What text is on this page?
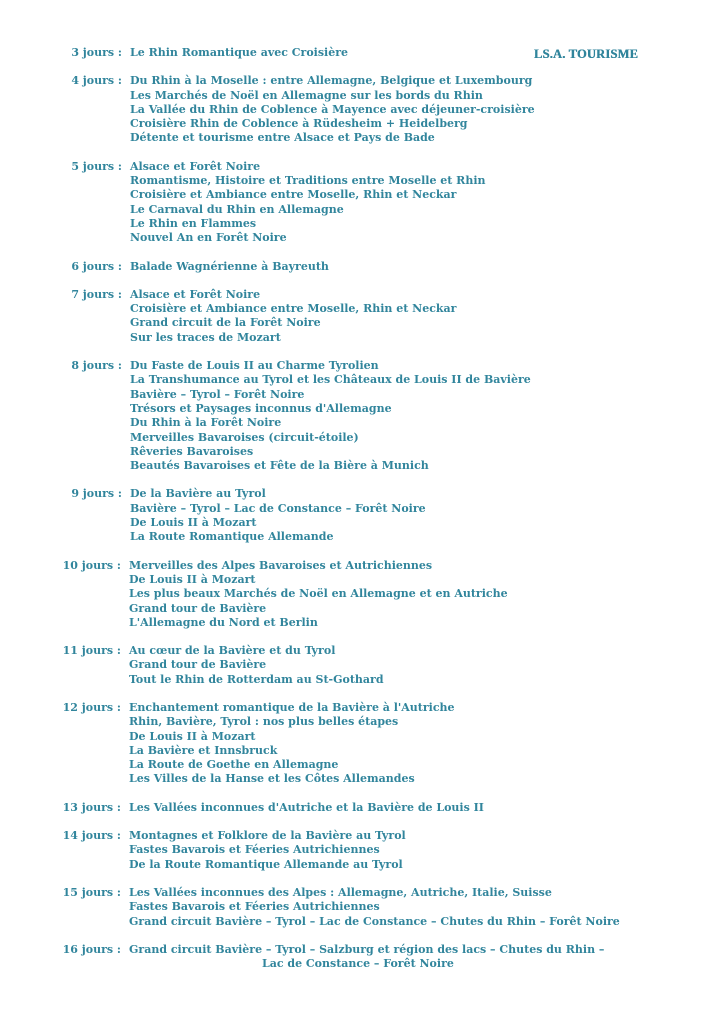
LS.A. TOURISME
3 jours : Le Rhin Romantique avec Croisière
4 jours : Du Rhin à la Moselle : entre Allemagne, Belgique et Luxembourg
Les Marchés de Noël en Allemagne sur les bords du Rhin
La Vallée du Rhin de Coblence à Mayence avec déjeuner-croisière
Croisière Rhin de Coblence à Rüdesheim + Heidelberg
Détente et tourisme entre Alsace et Pays de Bade
5 jours : Alsace et Forêt Noire
Romantisme, Histoire et Traditions entre Moselle et Rhin
Croisière et Ambiance entre Moselle, Rhin et Neckar
Le Carnaval du Rhin en Allemagne
Le Rhin en Flammes
Nouvel An en Forêt Noire
6 jours : Balade Wagnérienne à Bayreuth
7 jours : Alsace et Forêt Noire
Croisière et Ambiance entre Moselle, Rhin et Neckar
Grand circuit de la Forêt Noire
Sur les traces de Mozart
8 jours : Du Faste de Louis II au Charme Tyrolien
La Transhumance au Tyrol et les Châteaux de Louis II de Bavière
Bavière – Tyrol – Forêt Noire
Trésors et Paysages inconnus d'Allemagne
Du Rhin à la Forêt Noire
Merveilles Bavaroises (circuit-étoile)
Rêveries Bavaroises
Beautés Bavaroises et Fête de la Bière à Munich
9 jours : De la Bavière au Tyrol
Bavière – Tyrol – Lac de Constance – Forêt Noire
De Louis II à Mozart
La Route Romantique Allemande
10 jours : Merveilles des Alpes Bavaroises et Autrichiennes
De Louis II à Mozart
Les plus beaux Marchés de Noël en Allemagne et en Autriche
Grand tour de Bavière
L'Allemagne du Nord et Berlin
11 jours : Au cœur de la Bavière et du Tyrol
Grand tour de Bavière
Tout le Rhin de Rotterdam au St-Gothard
12 jours : Enchantement romantique de la Bavière à l'Autriche
Rhin, Bavière, Tyrol : nos plus belles étapes
De Louis II à Mozart
La Bavière et Innsbruck
La Route de Goethe en Allemagne
Les Villes de la Hanse et les Côtes Allemandes
13 jours : Les Vallées inconnues d'Autriche et la Bavière de Louis II
14 jours : Montagnes et Folklore de la Bavière au Tyrol
Fastes Bavarois et Féeries Autrichiennes
De la Route Romantique Allemande au Tyrol
15 jours : Les Vallées inconnues des Alpes : Allemagne, Autriche, Italie, Suisse
Fastes Bavarois et Féeries Autrichiennes
Grand circuit Bavière – Tyrol – Lac de Constance – Chutes du Rhin – Forêt Noire
16 jours : Grand circuit Bavière – Tyrol – Salzburg et région des lacs – Chutes du Rhin –
Lac de Constance – Forêt Noire
